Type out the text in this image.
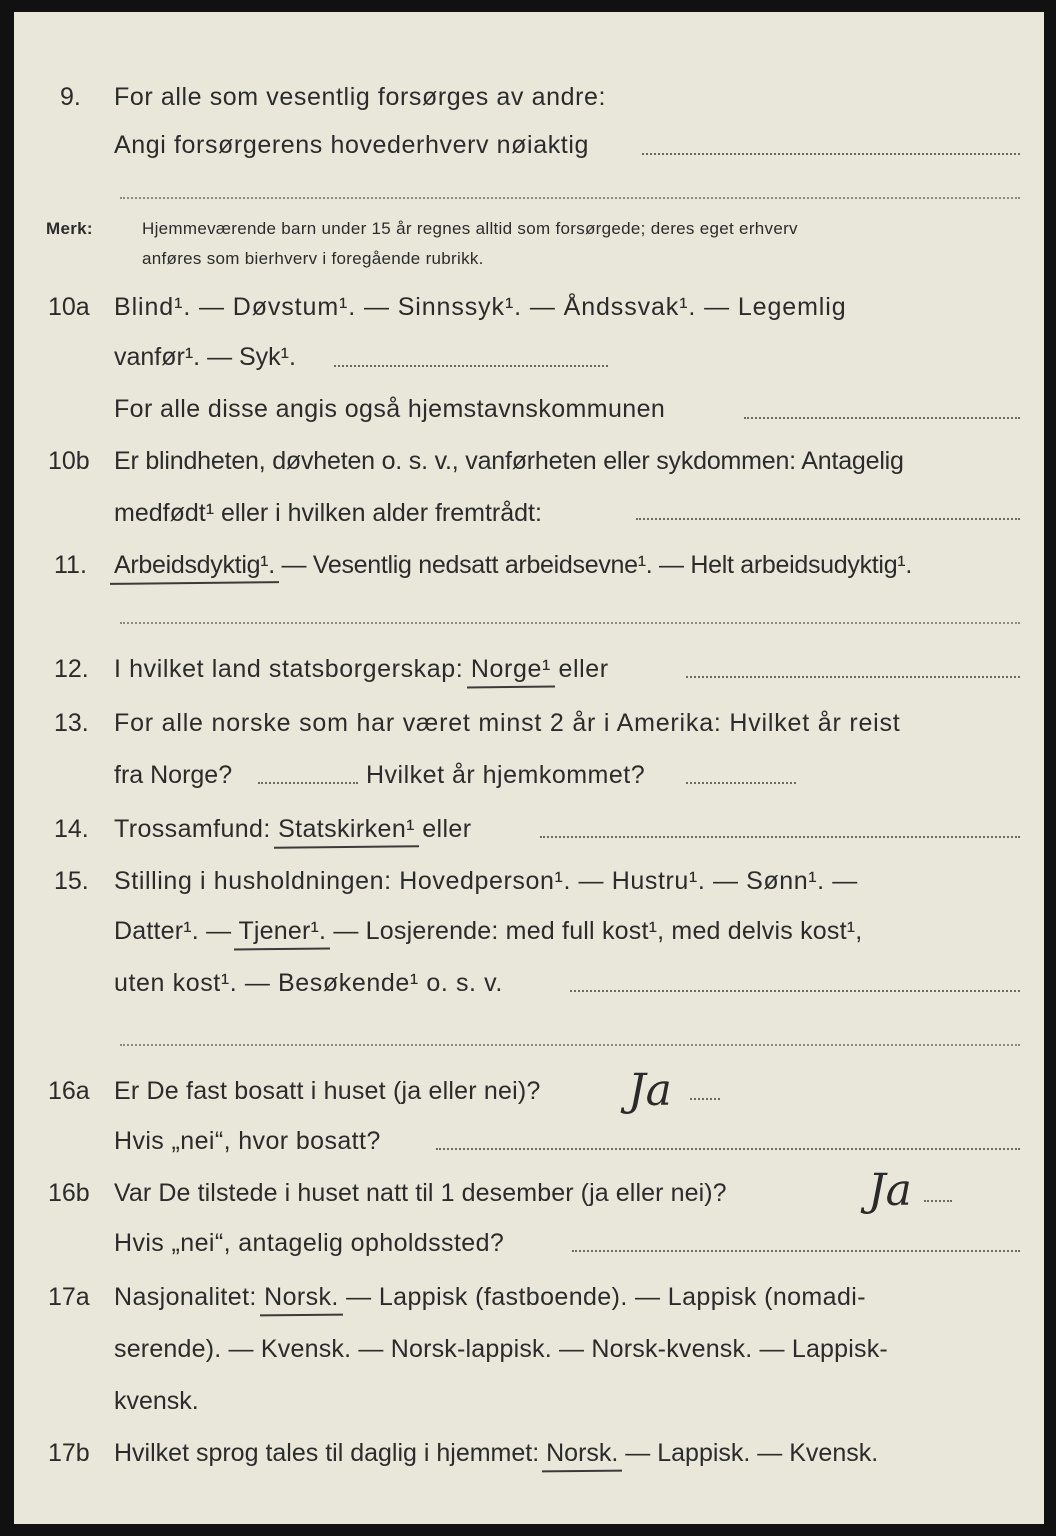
9. For alle som vesentlig forsørges av andre:
Angi forsørgerens hovederhverv nøiaktig
Merk:	Hjemmeværende barn under 15 år regnes alltid som forsørgede; deres eget erhverv
anføres som bierhverv i foregående rubrikk.
10a Blind¹. — Døvstum¹. — Sinnssyk¹. — Åndssvak¹. — Legemlig
vanfør¹. — Syk¹.
For alle disse angis også hjemstavnskommunen
10b Er blindheten, døvheten o. s. v., vanførheten eller sykdommen: Antagelig
medfødt¹ eller i hvilken alder fremtrådt:
11. Arbeidsdyktig¹. — Vesentlig nedsatt arbeidsevne¹. — Helt arbeidsudyktig¹.
12. I hvilket land statsborgerskap: Norge¹ eller
13. For alle norske som har været minst 2 år i Amerika: Hvilket år reist
fra Norge?	Hvilket år hjemkommet?
14. Trossamfund: Statskirken¹ eller
15. Stilling i husholdningen: Hovedperson¹. — Hustru¹. — Sønn¹. —
Datter¹. — Tjener¹. — Losjerende: med full kost¹, med delvis kost¹,
uten kost¹. — Besøkende¹ o. s. v.
16a Er De fast bosatt i huset (ja eller nei)? Ja
Hvis „nei“, hvor bosatt?
16b Var De tilstede i huset natt til 1 desember (ja eller nei)?	Ja
Hvis „nei“, antagelig opholdssted?
17a Nasjonalitet: Norsk. — Lappisk (fastboende). — Lappisk (nomadi-
serende). — Kvensk. — Norsk-lappisk. — Norsk-kvensk. — Lappisk-
kvensk.
17b Hvilket sprog tales til daglig i hjemmet: Norsk. — Lappisk. — Kvensk.
